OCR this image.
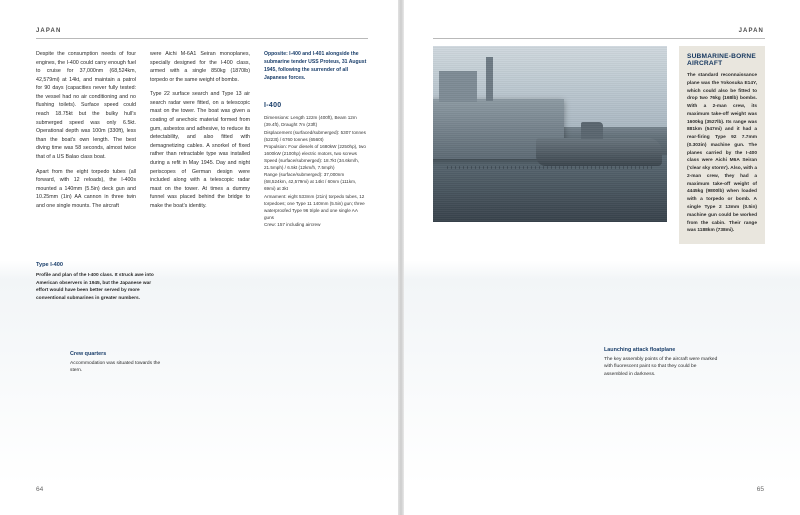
JAPAN	JAPAN
64	65

Despite the consumption needs of four engines, the I-400 could carry enough fuel to cruise for 37,000nm (68,524km, 42,579mi) at 14kt, and maintain a patrol for 90 days (capacities never fully tested: the vessel had no air conditioning and no flushing toilets). Surface speed could reach 18.75kt but the bulky hull's submerged speed was only 6.5kt. Operational depth was 100m (330ft), less than the boat's own length. The best diving time was 58 seconds, almost twice that of a US Balao class boat.

Apart from the eight torpedo tubes (all forward, with 12 reloads), the I-400s mounted a 140mm (5.5in) deck gun and 10.25mm (1in) AA cannon in three twin and one single mounts. The aircraft

were Aichi M-6A1 Seiran monoplanes, specially designed for the I-400 class, armed with a single 850kg (1870lb) torpedo or the same weight of bombs.

Type 22 surface search and Type 13 air search radar were fitted, on a telescopic mast on the tower. The boat was given a coating of anechoic material formed from gum, asbestos and adhesive, to reduce its detectability, and also fitted with demagnetizing cables. A snorkel of fixed rather than retractable type was installed during a refit in May 1945. Day and night periscopes of German design were included along with a telescopic radar mast on the tower. At times a dummy funnel was placed behind the bridge to make the boat's identity.

Opposite: I-400 and I-401 alongside the submarine tender USS Proteus, 31 August 1945, following the surrender of all Japanese forces.
I-400
Dimensions: Length 122m (400ft), Beam 12m (39.4ft), Draught 7m (23ft)
Displacement (surfaced/submerged): 5307 tonnes (5223t) / 6760 tonnes (6560t)
Propulsion: Four diesels of 1680kW (2250hp), two 1600kW (2100hp) electric motors, two screws
Speed (surface/submerged): 18.7kt (34.6km/h, 21.5mph) / 6.5kt (12km/h, 7.5mph)
Range (surface/submerged): 37,000nm (68,524km, 42,579mi) at 14kt / 60nm (111km, 69mi) at 3kt
Armament: eight 533mm (21in) torpedo tubes, 12 torpedoes; one Type 11 140mm (5.5in) gun; three waterproofed Type 96 triple and one single AA guns
Crew: 157 including aircrew
SUBMARINE-BORNE AIRCRAFT

The standard reconnaissance plane was the Yokosuka E14Y, which could also be fitted to drop two 76kg (168lb) bombs. With a 2-man crew, its maximum take-off weight was 1600kg (3527lb). Its range was 881km (547mi) and it had a rear-firing Type 92 7.7mm (0.303in) machine gun. The planes carried by the I-400 class were Aichi M6A Seiran ('clear sky storm'). Also, with a 2-man crew, they had a maximum take-off weight of 4445kg (9800lb) when loaded with a torpedo or bomb. A single Type 2 13mm (0.5in) machine gun could be worked from the cabin. Their range was 1188km (738mi).

Type I-400
Profile and plan of the I-400 class. It struck awe into American observers in 1945, but the Japanese war effort would have been better served by more conventional submarines in greater numbers.
Crew quarters
Accommodation was situated towards the stern.
Launching attack floatplane
The key assembly points of the aircraft were marked with fluorescent paint so that they could be assembled in darkness.
